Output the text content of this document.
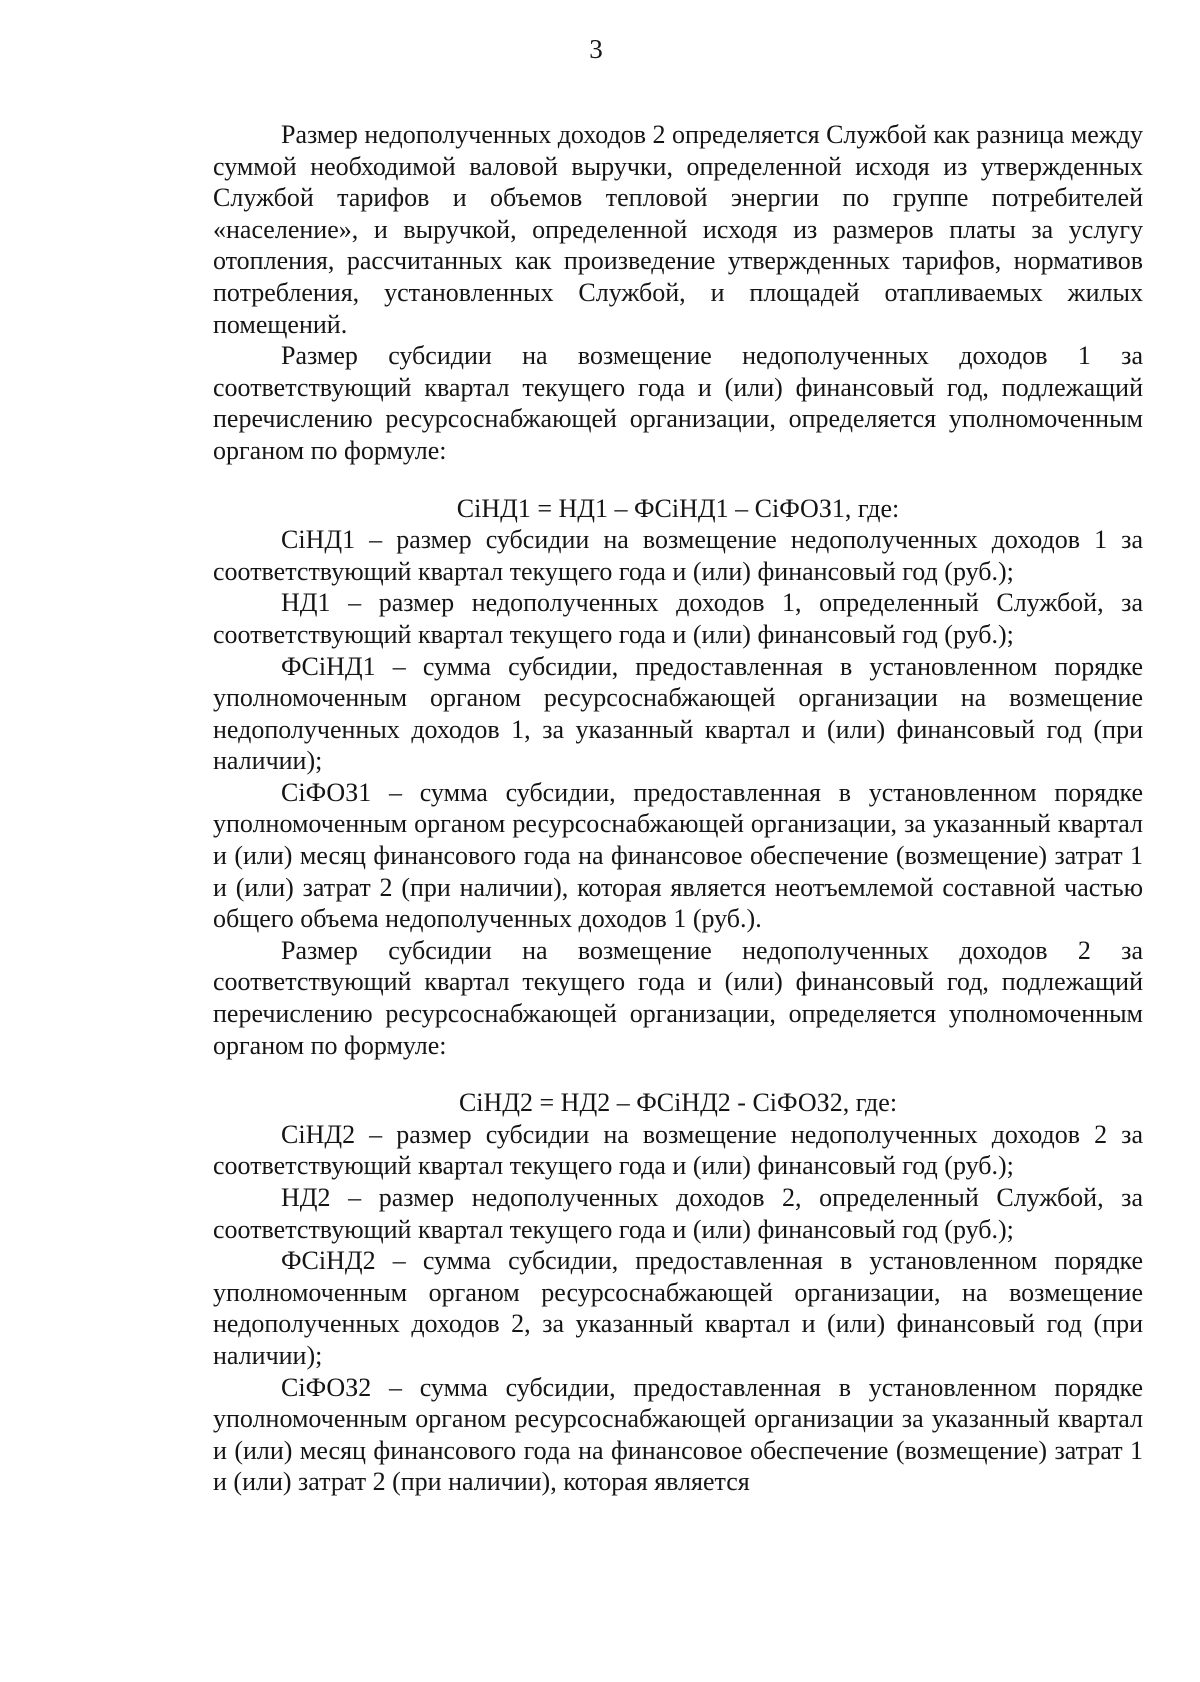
3

Размер недополученных доходов 2 определяется Службой как разница между суммой необходимой валовой выручки, определенной исходя из утвержденных Службой тарифов и объемов тепловой энергии по группе потребителей «население», и выручкой, определенной исходя из размеров платы за услугу отопления, рассчитанных как произведение утвержденных тарифов, нормативов потребления, установленных Службой, и площадей отапливаемых жилых помещений.

Размер субсидии на возмещение недополученных доходов 1 за соответствующий квартал текущего года и (или) финансовый год, подлежащий перечислению ресурсоснабжающей организации, определяется уполномоченным органом по формуле:

СiНД1 = НД1 – ФСiНД1 – СiФОЗ1, где:

СiНД1 – размер субсидии на возмещение недополученных доходов 1 за соответствующий квартал текущего года и (или) финансовый год (руб.);

НД1 – размер недополученных доходов 1, определенный Службой, за соответствующий квартал текущего года и (или) финансовый год (руб.);

ФСiНД1 – сумма субсидии, предоставленная в установленном порядке уполномоченным органом ресурсоснабжающей организации на возмещение недополученных доходов 1, за указанный квартал и (или) финансовый год (при наличии);

СiФОЗ1 – сумма субсидии, предоставленная в установленном порядке уполномоченным органом ресурсоснабжающей организации, за указанный квартал и (или) месяц финансового года на финансовое обеспечение (возмещение) затрат 1 и (или) затрат 2 (при наличии), которая является неотъемлемой составной частью общего объема недополученных доходов 1 (руб.).

Размер субсидии на возмещение недополученных доходов 2 за соответствующий квартал текущего года и (или) финансовый год, подлежащий перечислению ресурсоснабжающей организации, определяется уполномоченным органом по формуле:

СiНД2 = НД2 – ФСiНД2 - СiФОЗ2, где:

СiНД2 – размер субсидии на возмещение недополученных доходов 2 за соответствующий квартал текущего года и (или) финансовый год (руб.);

НД2 – размер недополученных доходов 2, определенный Службой, за соответствующий квартал текущего года и (или) финансовый год (руб.);

ФСiНД2 – сумма субсидии, предоставленная в установленном порядке уполномоченным органом ресурсоснабжающей организации, на возмещение недополученных доходов 2, за указанный квартал и (или) финансовый год (при наличии);

СiФОЗ2 – сумма субсидии, предоставленная в установленном порядке уполномоченным органом ресурсоснабжающей организации за указанный квартал и (или) месяц финансового года на финансовое обеспечение (возмещение) затрат 1 и (или) затрат 2 (при наличии), которая является
